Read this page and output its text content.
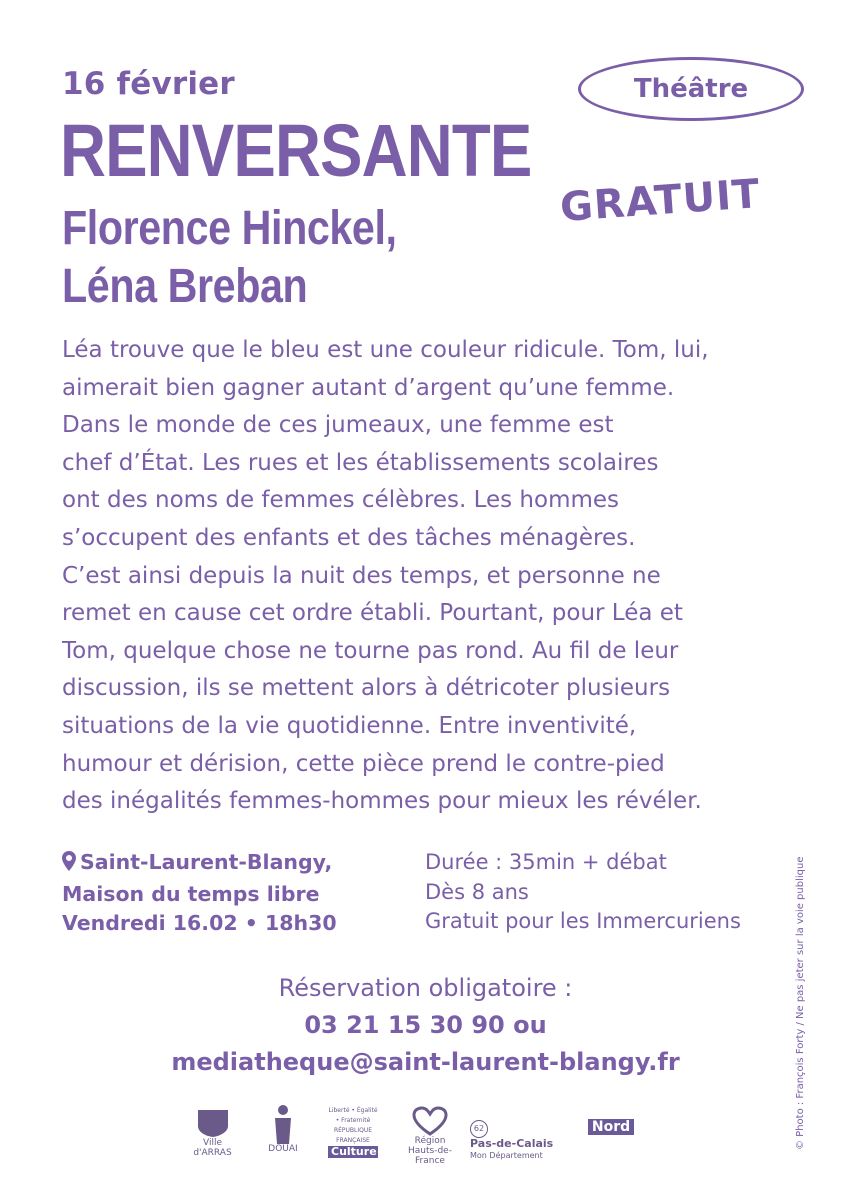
16 février
RENVERSANTE
Florence Hinckel,
Léna Breban
Théâtre
GRATUIT
Léa trouve que le bleu est une couleur ridicule. Tom, lui,
aimerait bien gagner autant d’argent qu’une femme.
Dans le monde de ces jumeaux, une femme est
chef d’État. Les rues et les établissements scolaires
ont des noms de femmes célèbres. Les hommes
s’occupent des enfants et des tâches ménagères.
C’est ainsi depuis la nuit des temps, et personne ne
remet en cause cet ordre établi. Pourtant, pour Léa et
Tom, quelque chose ne tourne pas rond. Au fil de leur
discussion, ils se mettent alors à détricoter plusieurs
situations de la vie quotidienne. Entre inventivité,
humour et dérision, cette pièce prend le contre-pied
des inégalités femmes-hommes pour mieux les révéler.
Saint-Laurent-Blangy,
Maison du temps libre
Vendredi 16.02 • 18h30
Durée : 35min + débat
Dès 8 ans
Gratuit pour les Immercuriens
Réservation obligatoire :
03 21 15 30 90 ou
mediatheque@saint-laurent-blangy.fr	© Photo : François Forty / Ne pas jeter sur la voie publique
Ville d'ARRAS	DOUAI
Liberté • Égalité • Fraternité
RÉPUBLIQUE FRANÇAISE
Culture
Région Hauts-de-France
62 Pas-de-Calais
Mon Département
Nord
